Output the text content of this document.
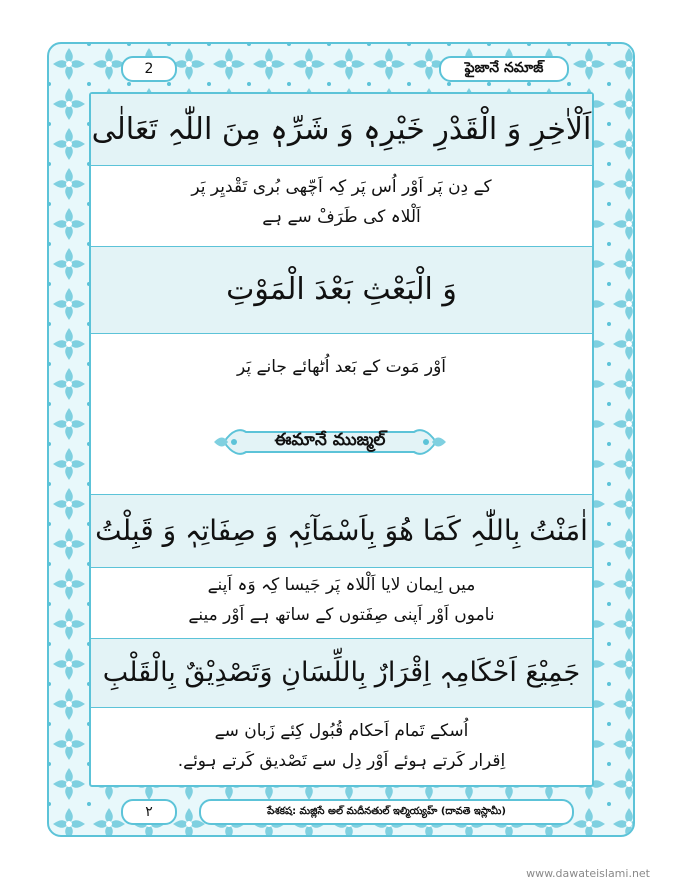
2	ఫైజానే నమాజ్
اَلْاٰخِرِ وَ الْقَدْرِ خَیْرِہٖ وَ شَرِّہٖ مِنَ اللّٰہِ تَعَالٰی
کے دِن پَر اَوْر اُس پَر کِہ اَچّھی بُری تَقْدیِر پَر
اَلْلاہ کی طَرَفْ سے ہے
وَ الْبَعْثِ بَعْدَ الْمَوْتِ
اَوْر مَوت کے بَعد اُٹھائے جانے پَر
اٰمَنْتُ بِاللّٰہِ کَمَا ھُوَ بِاَسْمَآئِہٖ وَ صِفَاتِہٖ وَ قَبِلْتُ
میں اِیمان لایا اَلْلاہ پَر جَیسا کِہ وَہ اَپنے
ناموں اَوْر اَپنی صِفَتوں کے ساتھ ہے اَوْر مینے
جَمِیْعَ اَحْکَامِہٖ اِقْرَارٌ بِاللِّسَانِ وَتَصْدِیْقٌ بِالْقَلْبِ
اُسکے تَمام اَحکام قُبُول کِئے زَبان سے
اِقرار کَرتے ہوئے اَوْر دِل سے تَصْدیق کَرتے ہوئے.
۲	పేశకష: మజ్లిసే అల్ మదీనతుల్ ఇల్మియ్యహ్ (దావతె ఇస్లామీ)
ఈమానే ముజ్మల్
www.dawateislami.net
